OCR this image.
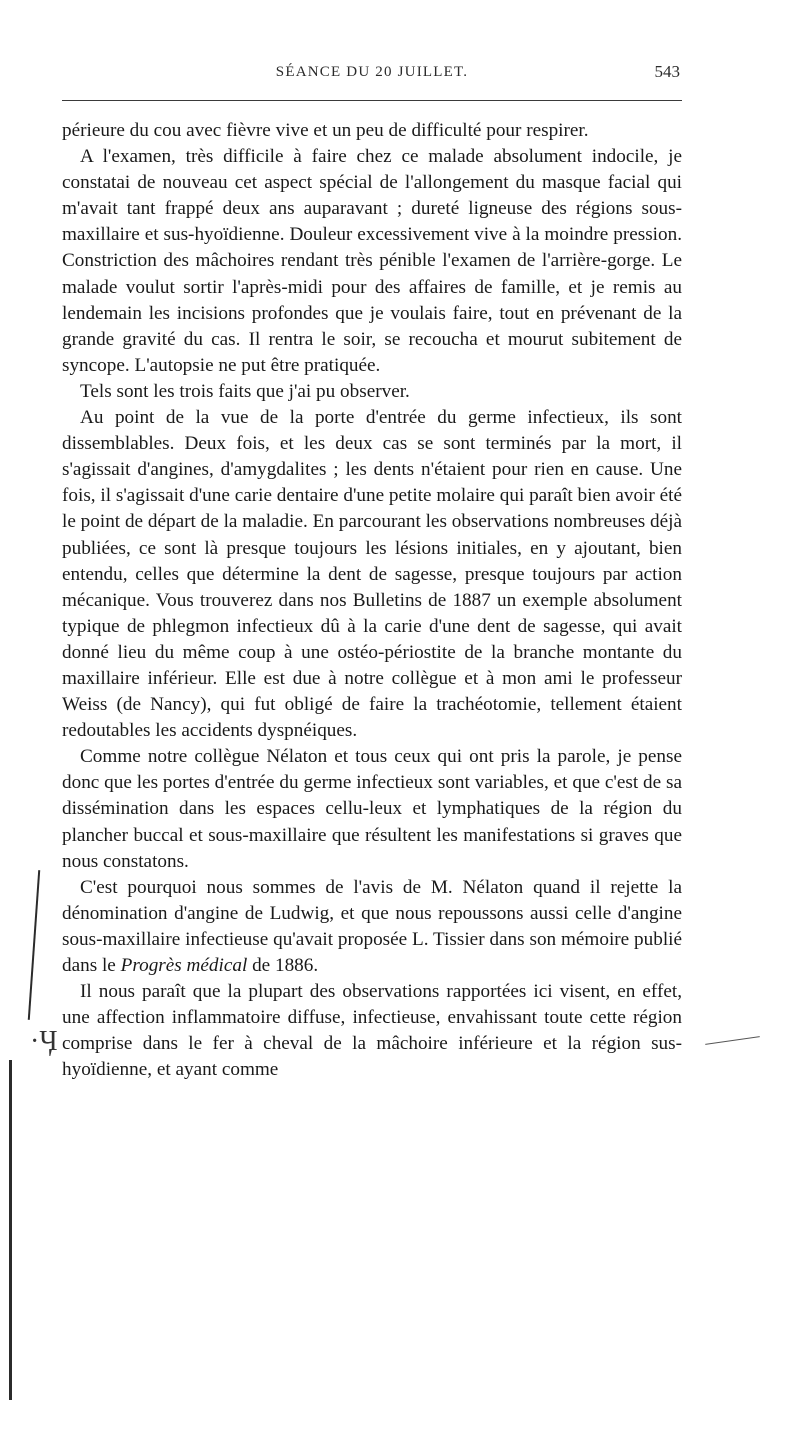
SÉANCE DU 20 JUILLET.	543

périeure du cou avec fièvre vive et un peu de difficulté pour respirer.

A l'examen, très difficile à faire chez ce malade absolument indocile, je constatai de nouveau cet aspect spécial de l'allongement du masque facial qui m'avait tant frappé deux ans auparavant ; dureté ligneuse des régions sous-maxillaire et sus-hyoïdienne. Douleur excessivement vive à la moindre pression. Constriction des mâchoires rendant très pénible l'examen de l'arrière-gorge. Le malade voulut sortir l'après-midi pour des affaires de famille, et je remis au lendemain les incisions profondes que je voulais faire, tout en prévenant de la grande gravité du cas. Il rentra le soir, se recoucha et mourut subitement de syncope. L'autopsie ne put être pratiquée.

Tels sont les trois faits que j'ai pu observer.

Au point de la vue de la porte d'entrée du germe infectieux, ils sont dissemblables. Deux fois, et les deux cas se sont terminés par la mort, il s'agissait d'angines, d'amygdalites ; les dents n'étaient pour rien en cause. Une fois, il s'agissait d'une carie dentaire d'une petite molaire qui paraît bien avoir été le point de départ de la maladie. En parcourant les observations nombreuses déjà publiées, ce sont là presque toujours les lésions initiales, en y ajoutant, bien entendu, celles que détermine la dent de sagesse, presque toujours par action mécanique. Vous trouverez dans nos Bulletins de 1887 un exemple absolument typique de phlegmon infectieux dû à la carie d'une dent de sagesse, qui avait donné lieu du même coup à une ostéo-périostite de la branche montante du maxillaire inférieur. Elle est due à notre collègue et à mon ami le professeur Weiss (de Nancy), qui fut obligé de faire la trachéotomie, tellement étaient redoutables les accidents dyspnéiques.

Comme notre collègue Nélaton et tous ceux qui ont pris la parole, je pense donc que les portes d'entrée du germe infectieux sont variables, et que c'est de sa dissémination dans les espaces cellu-leux et lymphatiques de la région du plancher buccal et sous-maxillaire que résultent les manifestations si graves que nous constatons.

C'est pourquoi nous sommes de l'avis de M. Nélaton quand il rejette la dénomination d'angine de Ludwig, et que nous repoussons aussi celle d'angine sous-maxillaire infectieuse qu'avait proposée L. Tissier dans son mémoire publié dans le Progrès médical de 1886.

Il nous paraît que la plupart des observations rapportées ici visent, en effet, une affection inflammatoire diffuse, infectieuse, envahissant toute cette région comprise dans le fer à cheval de la mâchoire inférieure et la région sus-hyoïdienne, et ayant comme

·Ӌ
